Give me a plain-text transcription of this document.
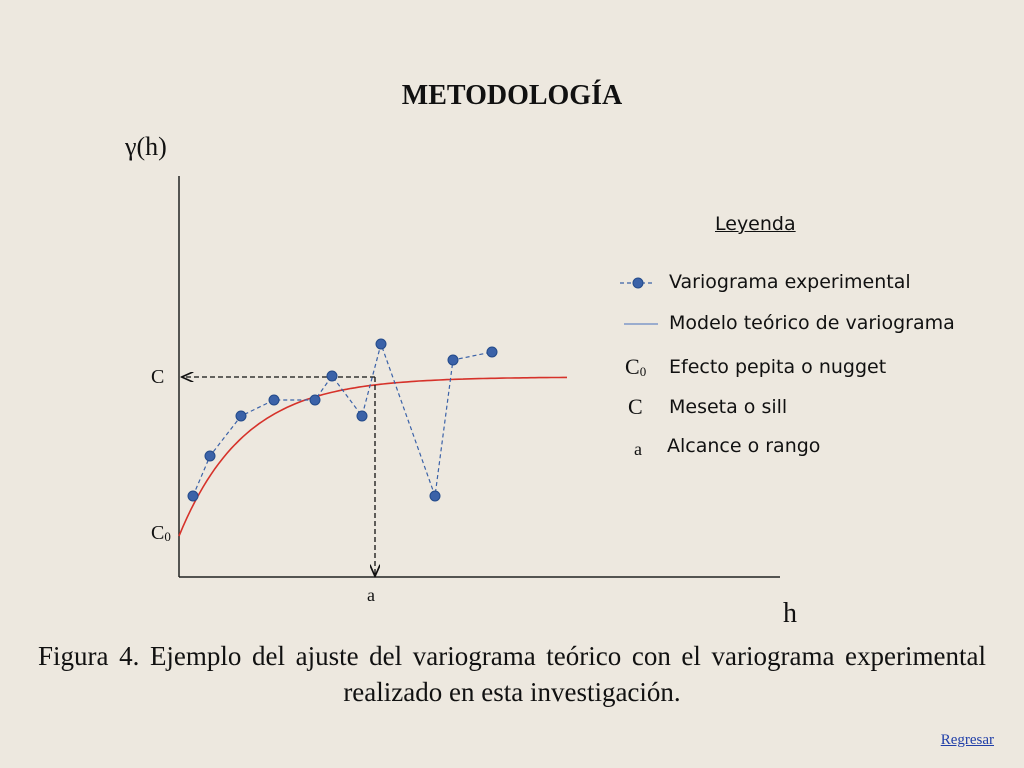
METODOLOGÍA
γ(h)
C
$C_0$
a
h
Leyenda
Variograma experimental
Modelo teórico de variograma
$C_0$ Efecto pepita o nugget
C Meseta o sill
a Alcance o rango
Figura 4. Ejemplo del ajuste del variograma teórico con el variograma experimental realizado en esta investigación.
Regresar
